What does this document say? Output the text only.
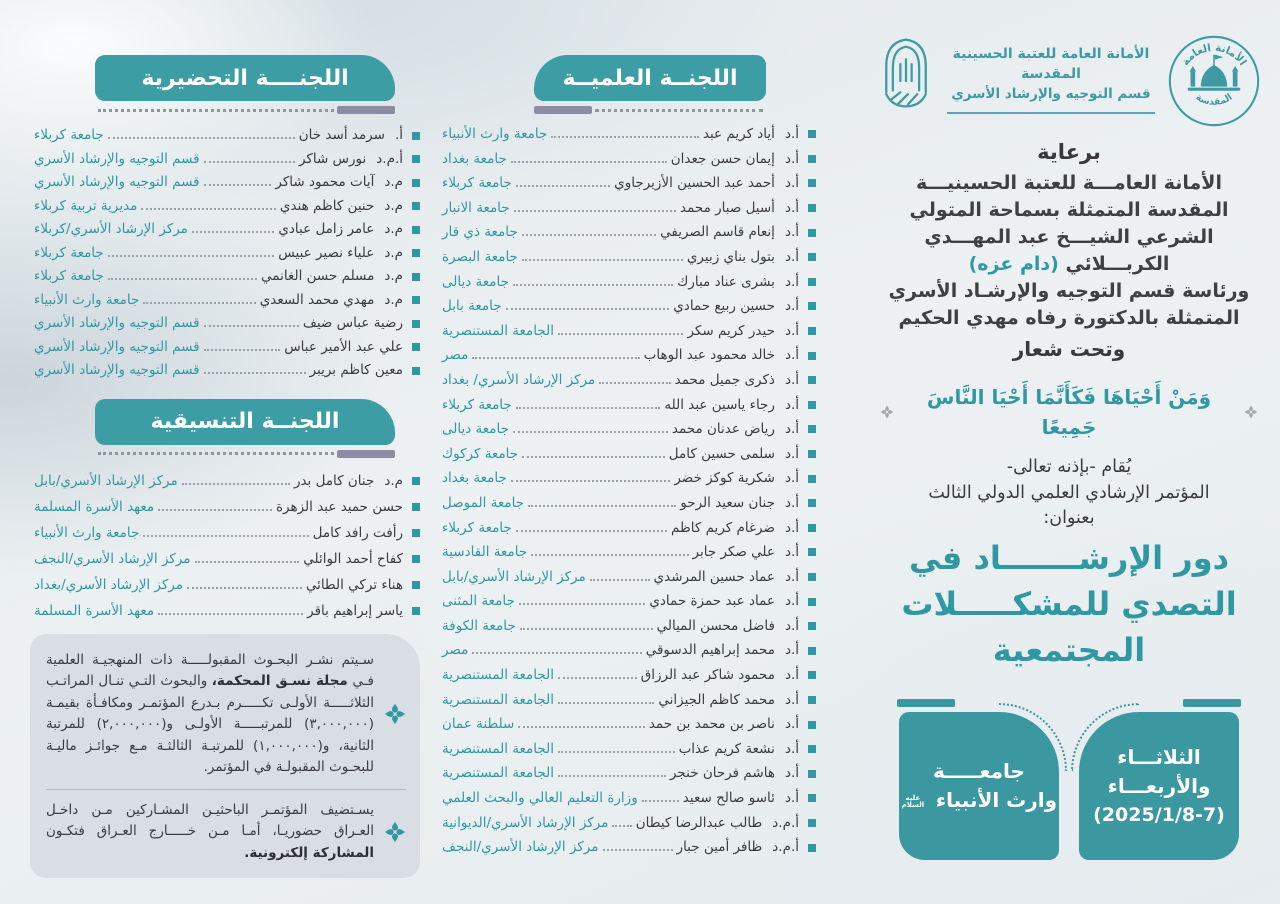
اللجنــــة التحضيرية
أ.
سرمد أسد خان
جامعة كربلاء
أ.م.د
نورس شاكر
قسم التوجيه والإرشاد الأسري
م.د
آيات محمود شاكر
قسم التوجيه والإرشاد الأسري
م.د
حنين كاظم هندي
مديرية تربية كربلاء
م.د
عامر زامل عبادي
مركز الإرشاد الأسري/كربلاء
م.د
علياء نصير عبيس
جامعة كربلاء
م.د
مسلم حسن الغانمي
جامعة كربلاء
م.د
مهدي محمد السعدي
جامعة وارث الأنبياء
رضية عباس ضيف
قسم التوجيه والإرشاد الأسري
علي عبد الأمير عباس
قسم التوجيه والإرشاد الأسري
معين كاظم بريبر
قسم التوجيه والإرشاد الأسري
اللجنــة التنسيقية
م.د
جنان كامل بدر
مركز الإرشاد الأسري/بابل
حسن حميد عبد الزهرة
معهد الأسرة المسلمة
رأفت رافد كامل
جامعة وارث الأنبياء
كفاح أحمد الوائلي
مركز الإرشاد الأسري/النجف
هناء تركي الطائي
مركز الإرشاد الأسري/بغداد
ياسر إبراهيم باقر
معهد الأسرة المسلمة

سـيتم نشـر البحـوث المقبولـــــة ذات المنهجيـة العلمية فـي مجلة نسـق المحكمة، والبحوث التـي تنـال المراتـب الثلاثـــــة الأولـى تكـــــرم بـدرع المؤتمـر ومكافـأة بقيمـة (٣,٠٠٠,٠٠٠) للمرتبـــــة الأولـى و(٢,٠٠٠,٠٠٠) للمرتبة الثانية، و(١,٠٠٠,٠٠٠) للمرتبـة الثالثـة مـع جوائـز ماليـة للبحـوث المقبولـة في المؤتمر.

يسـتضيف المؤتمـر الباحثيـن المشـاركين مـن داخـل العـراق حضوريـا، أمـا مـن خـــــارج العـراق فتكـون المشاركة إلكترونية.

اللجنــة العلميــة
أ.د
أياد كريم عبد
جامعة وارث الأنبياء
أ.د
إيمان حسن جعدان
جامعة بغداد
أ.د
أحمد عبد الحسين الأزيرجاوي
جامعة كربلاء
أ.د
أسيل صبار محمد
جامعة الانبار
أ.د
إنعام قاسم الصريفي
جامعة ذي قار
أ.د
بتول بناي زبيري
جامعة البصرة
أ.د
بشرى عناد مبارك
جامعة ديالى
أ.د
حسين ربيع حمادي
جامعة بابل
أ.د
حيدر كريم سكر
الجامعة المستنصرية
أ.د
خالد محمود عبد الوهاب
مصر
أ.د
ذكرى جميل محمد
مركز الإرشاد الأسري/ بغداد
أ.د
رجاء ياسين عبد الله
جامعة كربلاء
أ.د
رياض عدنان محمد
جامعة ديالى
أ.د
سلمى حسين كامل
جامعة كركوك
أ.د
شكرية كوكز خضر
جامعة بغداد
أ.د
جنان سعيد الرحو
جامعة الموصل
أ.د
ضرغام كريم كاظم
جامعة كربلاء
أ.د
علي صكر جابر
جامعة القادسية
أ.د
عماد حسين المرشدي
مركز الإرشاد الأسري/بابل
أ.د
عماد عبد حمزة حمادي
جامعة المثنى
أ.د
فاضل محسن الميالي
جامعة الكوفة
أ.د
محمد إبراهيم الدسوقي
مصر
أ.د
محمود شاكر عبد الرزاق
الجامعة المستنصرية
أ.د
محمد كاظم الجيزاني
الجامعة المستنصرية
أ.د
ناصر بن محمد بن حمد
سلطنة عمان
أ.د
نشعة كريم عذاب
الجامعة المستنصرية
أ.د
هاشم فرحان خنجر
الجامعة المستنصرية
أ.د
ئاسو صالح سعيد
وزارة التعليم العالي والبحث العلمي
أ.م.د
طالب عبدالرضا كيطان
مركز الإرشاد الأسري/الديوانية
أ.م.د
ظافر أمين جبار
مركز الإرشاد الأسري/النجف
الأمانة العامة
المقدسة
الأمانة العامة للعتبة الحسينية المقدسة
قسم التوجيه والإرشاد الأسري
برعاية
الأمانة العامـــة للعتبة الحسينيـــة
المقدسة المتمثلة بسماحة المتولي
الشرعي الشيـــخ عبد المهـــدي
الكربـــلائي (دام عزه)
ورئاسة قسم التوجيه والإرشـاد الأسري
المتمثلة بالدكتورة رفاه مهدي الحكيم
وتحت شعار
وَمَنْ أَحْيَاهَا فَكَأَنَّمَا أَحْيَا النَّاسَ جَمِيعًا
يُقام -بإذنه تعالى-
المؤتمر الإرشادي العلمي الدولي الثالث
بعنوان:
دور الإرشـــــــاد في
التصدي للمشكـــــلات
المجتمعية
الثلاثـــاء
والأربعـــاء
(2025/1/8-7)
جامعـــــة
وارث الأنبياء عليه السلام
